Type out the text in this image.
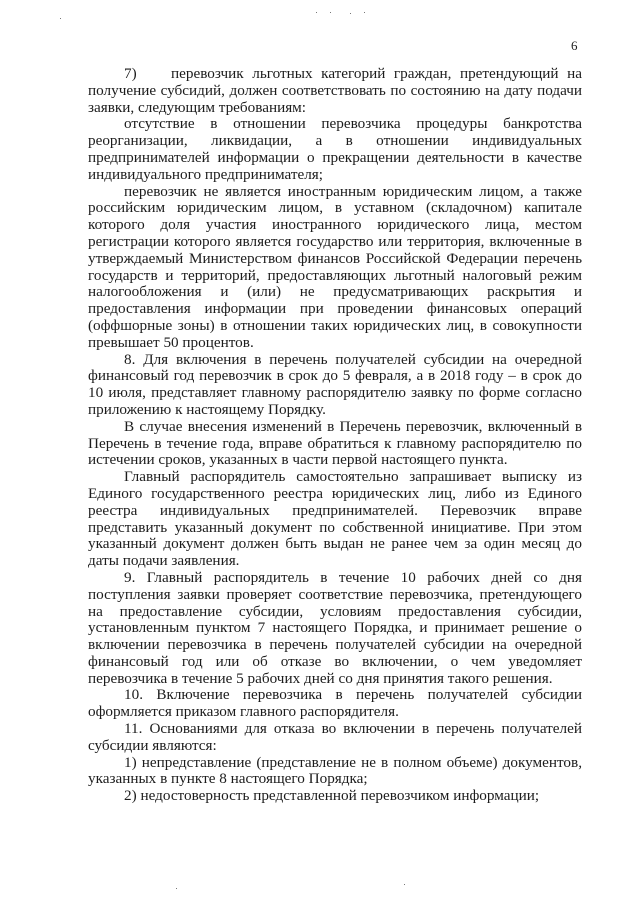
6

7)    перевозчик льготных категорий граждан, претендующий на получение субсидий, должен соответствовать по состоянию на дату подачи заявки, следующим требованиям:

отсутствие в отношении перевозчика процедуры банкротства реорганизации, ликвидации, а в отношении индивидуальных предпринимателей информации о прекращении деятельности в качестве индивидуального предпринимателя;

перевозчик не является иностранным юридическим лицом, а также российским юридическим лицом, в уставном (складочном) капитале которого доля участия иностранного юридического лица, местом регистрации которого является государство или территория, включенные в утверждаемый Министерством финансов Российской Федерации перечень государств и территорий, предоставляющих льготный налоговый режим налогообложения и (или) не предусматривающих раскрытия и предоставления информации при проведении финансовых операций (оффшорные зоны) в отношении таких юридических лиц, в совокупности превышает 50 процентов.

8. Для включения в перечень получателей субсидии на очередной финансовый год перевозчик в срок до 5 февраля, а в 2018 году – в срок до 10 июля, представляет главному распорядителю заявку по форме согласно приложению к настоящему Порядку.

В случае внесения изменений в Перечень перевозчик, включенный в Перечень в течение года, вправе обратиться к главному распорядителю по истечении сроков, указанных в части первой настоящего пункта.

Главный распорядитель самостоятельно запрашивает выписку из Единого государственного реестра юридических лиц, либо из Единого реестра индивидуальных предпринимателей. Перевозчик вправе представить указанный документ по собственной инициативе. При этом указанный документ должен быть выдан не ранее чем за один месяц до даты подачи заявления.

9. Главный распорядитель в течение 10 рабочих дней со дня поступления заявки проверяет соответствие перевозчика, претендующего на предоставление субсидии, условиям предоставления субсидии, установленным пунктом 7 настоящего Порядка, и принимает решение о включении перевозчика в перечень получателей субсидии на очередной финансовый год или об отказе во включении, о чем уведомляет перевозчика в течение 5 рабочих дней со дня принятия такого решения.

10. Включение перевозчика в перечень получателей субсидии оформляется приказом главного распорядителя.

11. Основаниями для отказа во включении в перечень получателей субсидии являются:

1) непредставление (представление не в полном объеме) документов, указанных в пункте 8 настоящего Порядка;

2) недостоверность представленной перевозчиком информации;
